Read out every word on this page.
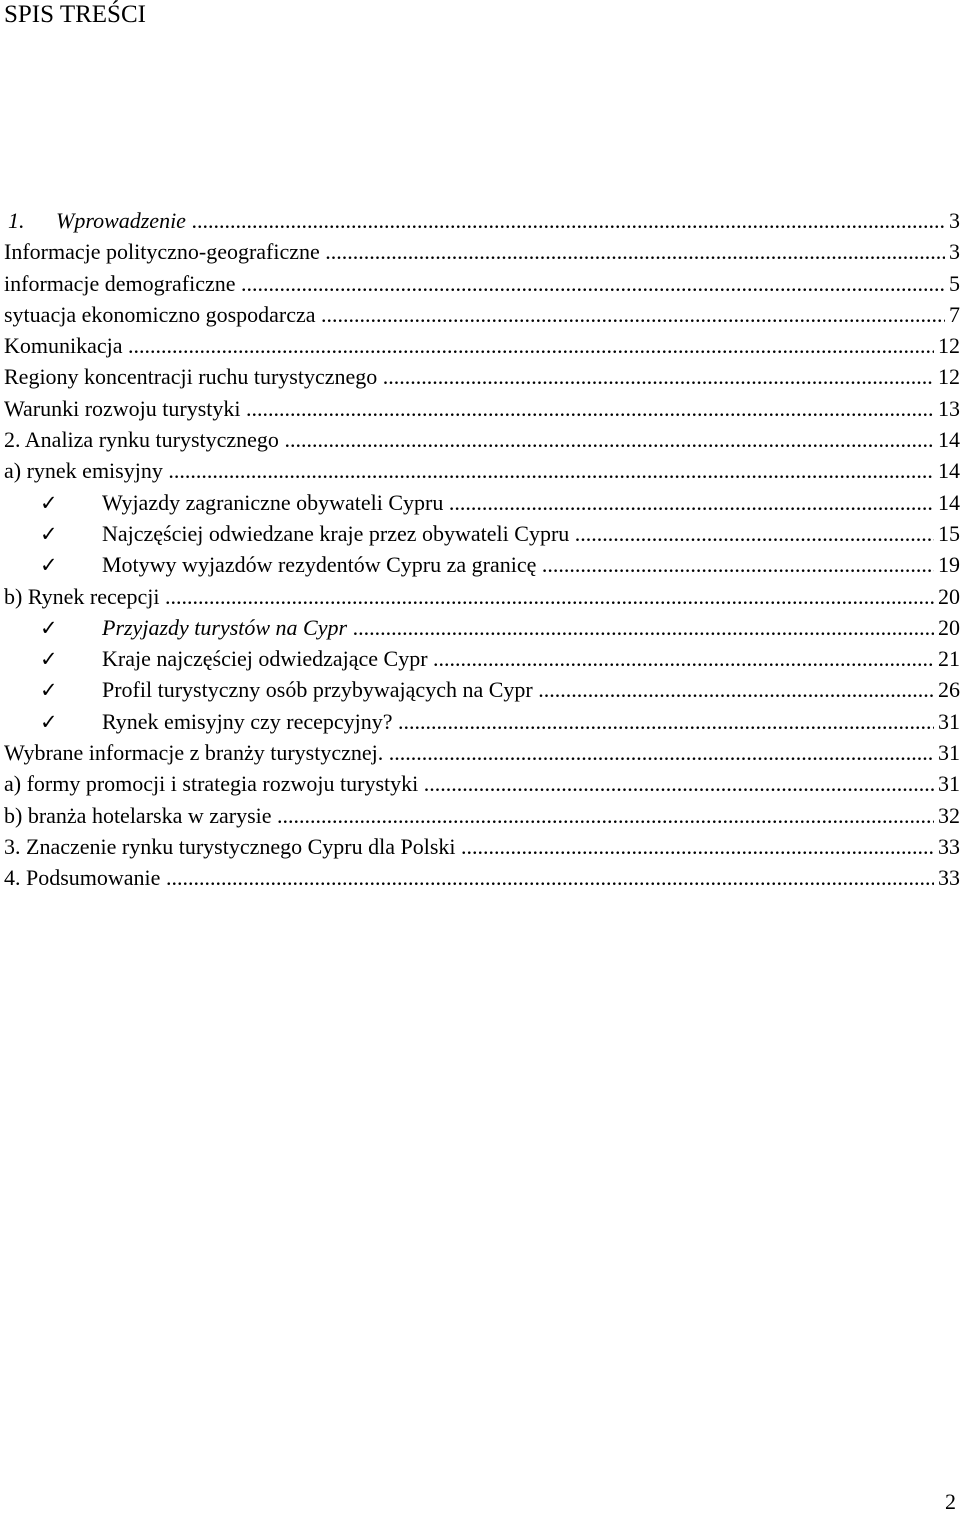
SPIS TREŚCI
1. Wprowadzenie .....	3
Informacje polityczno-geograficzne .....	3
informacje demograficzne .....	5
sytuacja ekonomiczno gospodarcza .....	7
Komunikacja .....	12
Regiony koncentracji ruchu turystycznego .....	12
Warunki rozwoju turystyki .....	13
2. Analiza rynku turystycznego .....	14
a) rynek emisyjny .....	14
✓ Wyjazdy zagraniczne obywateli Cypru .....	14
✓ Najczęściej odwiedzane kraje przez obywateli Cypru .....	15
✓ Motywy wyjazdów rezydentów Cypru za granicę .....	19
b) Rynek recepcji .....	20
✓ Przyjazdy turystów na Cypr .....	20
✓ Kraje najczęściej odwiedzające Cypr .....	21
✓ Profil turystyczny osób przybywających na Cypr .....	26
✓ Rynek emisyjny czy recepcyjny? .....	31
Wybrane informacje z branży turystycznej. .....	31
a) formy promocji i strategia rozwoju turystyki .....	31
b) branża hotelarska w zarysie .....	32
3. Znaczenie rynku turystycznego Cypru dla Polski .....	33
4. Podsumowanie .....	33
2
